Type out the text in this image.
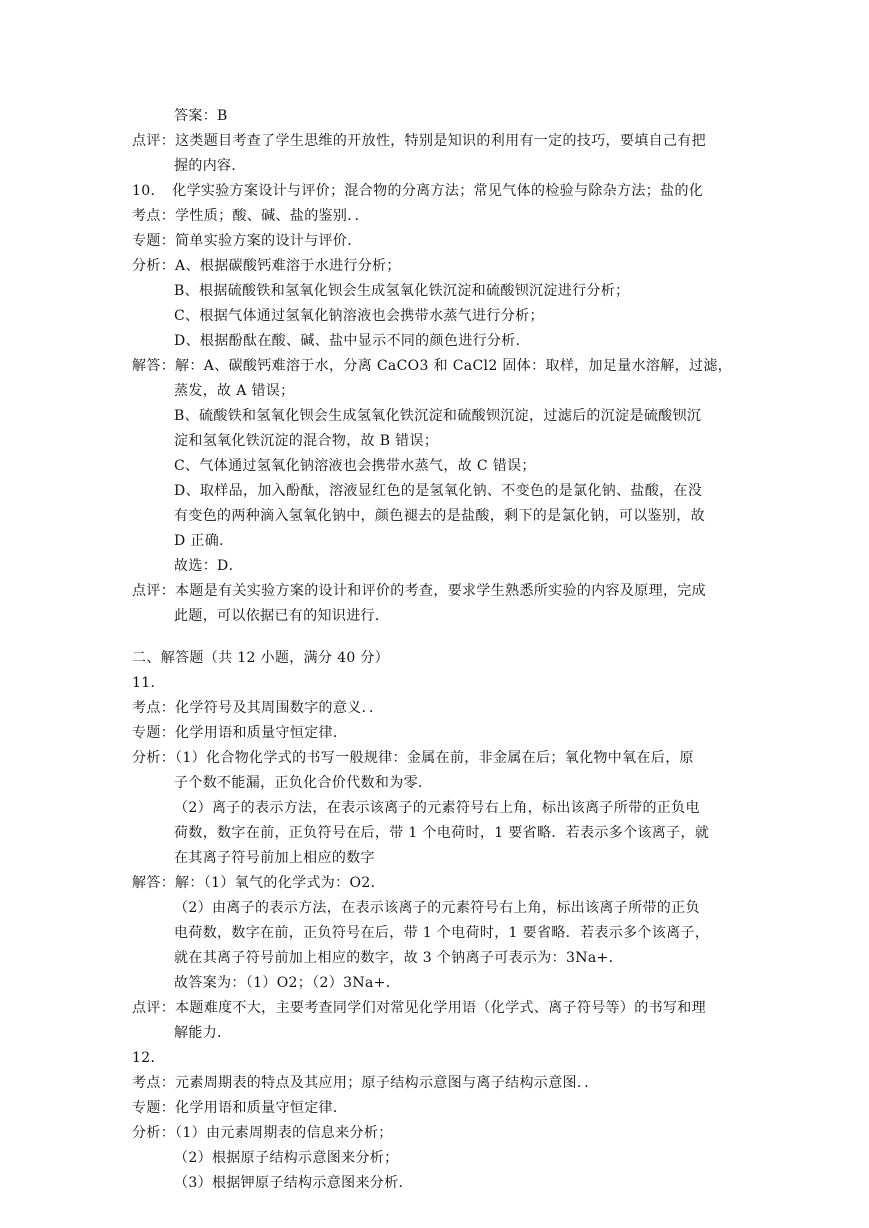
答案：B
点评：这类题目考查了学生思维的开放性，特别是知识的利用有一定的技巧，要填自己有把
握的内容．
10．　化学实验方案设计与评价；混合物的分离方法；常见气体的检验与除杂方法；盐的化
考点：学性质；酸、碱、盐的鉴别．．
专题：简单实验方案的设计与评价．
分析：A、根据碳酸钙难溶于水进行分析；
B、根据硫酸铁和氢氧化钡会生成氢氧化铁沉淀和硫酸钡沉淀进行分析；
C、根据气体通过氢氧化钠溶液也会携带水蒸气进行分析；
D、根据酚酞在酸、碱、盐中显示不同的颜色进行分析．
解答：解：A、碳酸钙难溶于水，分离 CaCO3 和 CaCl2 固体：取样，加足量水溶解，过滤，
蒸发，故 A 错误；
B、硫酸铁和氢氧化钡会生成氢氧化铁沉淀和硫酸钡沉淀，过滤后的沉淀是硫酸钡沉
淀和氢氧化铁沉淀的混合物，故 B 错误；
C、气体通过氢氧化钠溶液也会携带水蒸气，故 C 错误；
D、取样品，加入酚酞，溶液显红色的是氢氧化钠、不变色的是氯化钠、盐酸，在没
有变色的两种滴入氢氧化钠中，颜色褪去的是盐酸，剩下的是氯化钠，可以鉴别，故
D 正确．
故选：D．
点评：本题是有关实验方案的设计和评价的考查，要求学生熟悉所实验的内容及原理，完成
此题，可以依据已有的知识进行．
二、解答题（共 12 小题，满分 40 分）
11．
考点：化学符号及其周围数字的意义．．
专题：化学用语和质量守恒定律．
分析：（1）化合物化学式的书写一般规律：金属在前，非金属在后；氧化物中氧在后，原
子个数不能漏，正负化合价代数和为零．
（2）离子的表示方法，在表示该离子的元素符号右上角，标出该离子所带的正负电
荷数，数字在前，正负符号在后，带 1 个电荷时，1 要省略．若表示多个该离子，就
在其离子符号前加上相应的数字
解答：解：（1）氧气的化学式为：O2．
（2）由离子的表示方法，在表示该离子的元素符号右上角，标出该离子所带的正负
电荷数，数字在前，正负符号在后，带 1 个电荷时，1 要省略．若表示多个该离子，
就在其离子符号前加上相应的数字，故 3 个钠离子可表示为：3Na+．
故答案为：（1）O2；（2）3Na+．
点评：本题难度不大，主要考查同学们对常见化学用语（化学式、离子符号等）的书写和理
解能力．
12．
考点：元素周期表的特点及其应用；原子结构示意图与离子结构示意图．．
专题：化学用语和质量守恒定律．
分析：（1）由元素周期表的信息来分析；
（2）根据原子结构示意图来分析；
（3）根据钾原子结构示意图来分析．
